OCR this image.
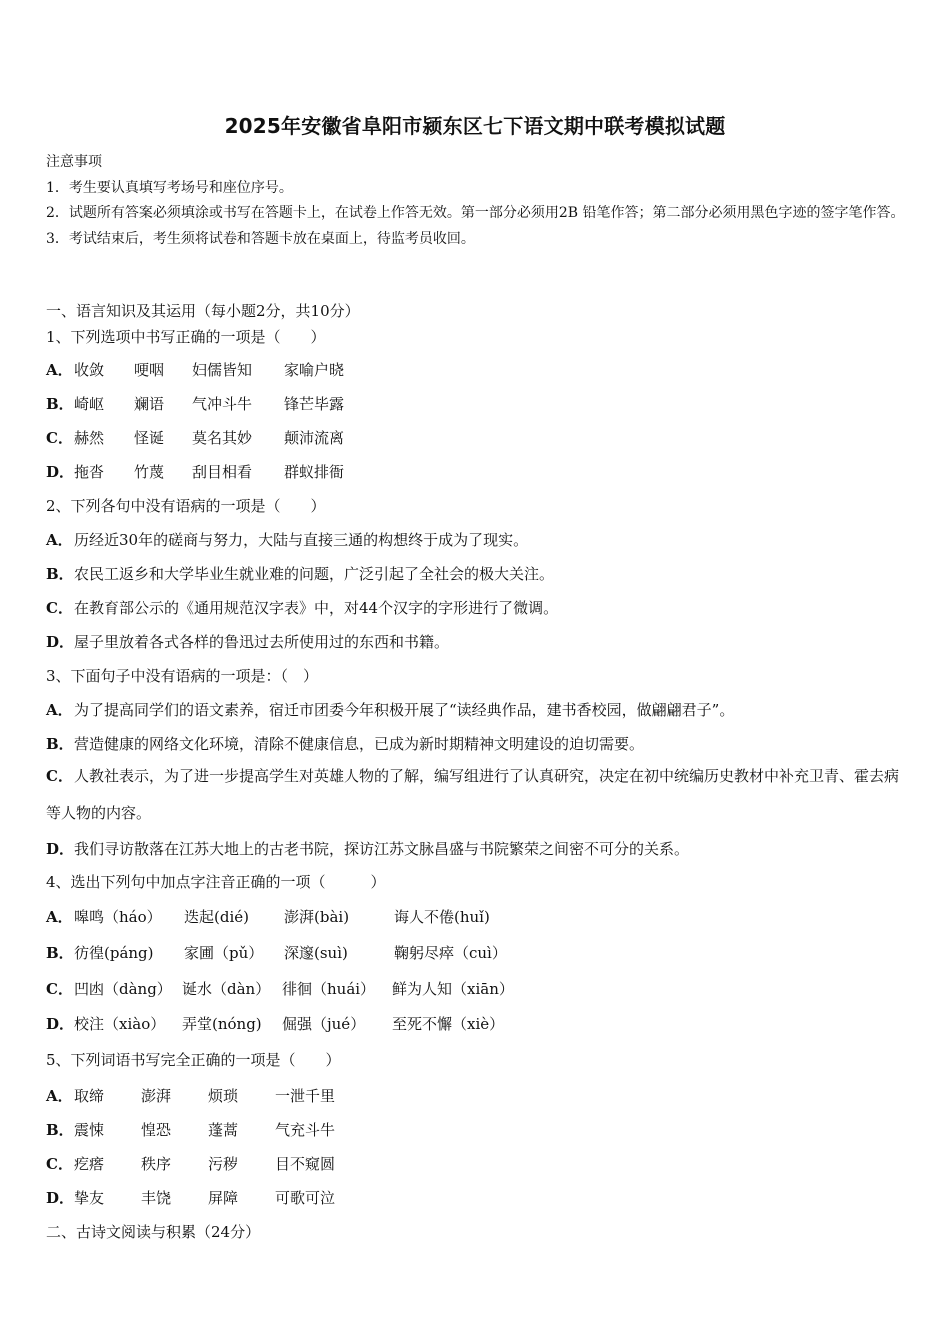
2025年安徽省阜阳市颍东区七下语文期中联考模拟试题

注意事项

1．考生要认真填写考场号和座位序号。

2．试题所有答案必须填涂或书写在答题卡上，在试卷上作答无效。第一部分必须用2B 铅笔作答；第二部分必须用黑色字迹的签字笔作答。

3．考试结束后，考生须将试卷和答题卡放在桌面上，待监考员收回。

一、语言知识及其运用（每小题2分，共10分）
1、下列选项中书写正确的一项是（　　）
A．收敛 哽咽 妇儒皆知 家喻户晓
B．崎岖 斓语 气冲斗牛 锋芒毕露
C．赫然 怪诞 莫名其妙 颠沛流离
D．拖沓 竹蔑 刮目相看 群蚁排衙
2、下列各句中没有语病的一项是（　　）
A．历经近30年的磋商与努力，大陆与直接三通的构想终于成为了现实。
B．农民工返乡和大学毕业生就业难的问题，广泛引起了全社会的极大关注。
C．在教育部公示的《通用规范汉字表》中，对44个汉字的字形进行了微调。
D．屋子里放着各式各样的鲁迅过去所使用过的东西和书籍。
3、下面句子中没有语病的一项是：（　）
A．为了提高同学们的语文素养，宿迁市团委今年积极开展了“读经典作品，建书香校园，做翩翩君子”。
B．营造健康的网络文化环境，清除不健康信息，已成为新时期精神文明建设的迫切需要。
C．人教社表示，为了进一步提高学生对英雄人物的了解，编写组进行了认真研究，决定在初中统编历史教材中补充卫青、霍去病等人物的内容。
D．我们寻访散落在江苏大地上的古老书院，探访江苏文脉昌盛与书院繁荣之间密不可分的关系。
4、选出下列句中加点字注音正确的一项（　　　）
A．嗥鸣（háo） 迭起(dié) 澎湃(bài)	诲人不倦(huǐ)
B．彷徨(páng) 家圃（pǔ） 深邃(suì)	鞠躬尽瘁（cuì）
C．凹凼（dàng） 诞水（dàn） 徘徊（huái） 鲜为人知（xiān）
D．校注（xiào） 弄堂(nóng) 倔强（jué） 至死不懈（xiè）
5、下列词语书写完全正确的一项是（　　）
A．取缔 澎湃 烦琐 一泄千里
B．震悚 惶恐 蓬蒿 气充斗牛
C．疙瘩 秩序 污秽 目不窥圆
D．挚友 丰饶 屏障 可歌可泣
二、古诗文阅读与积累（24分）
